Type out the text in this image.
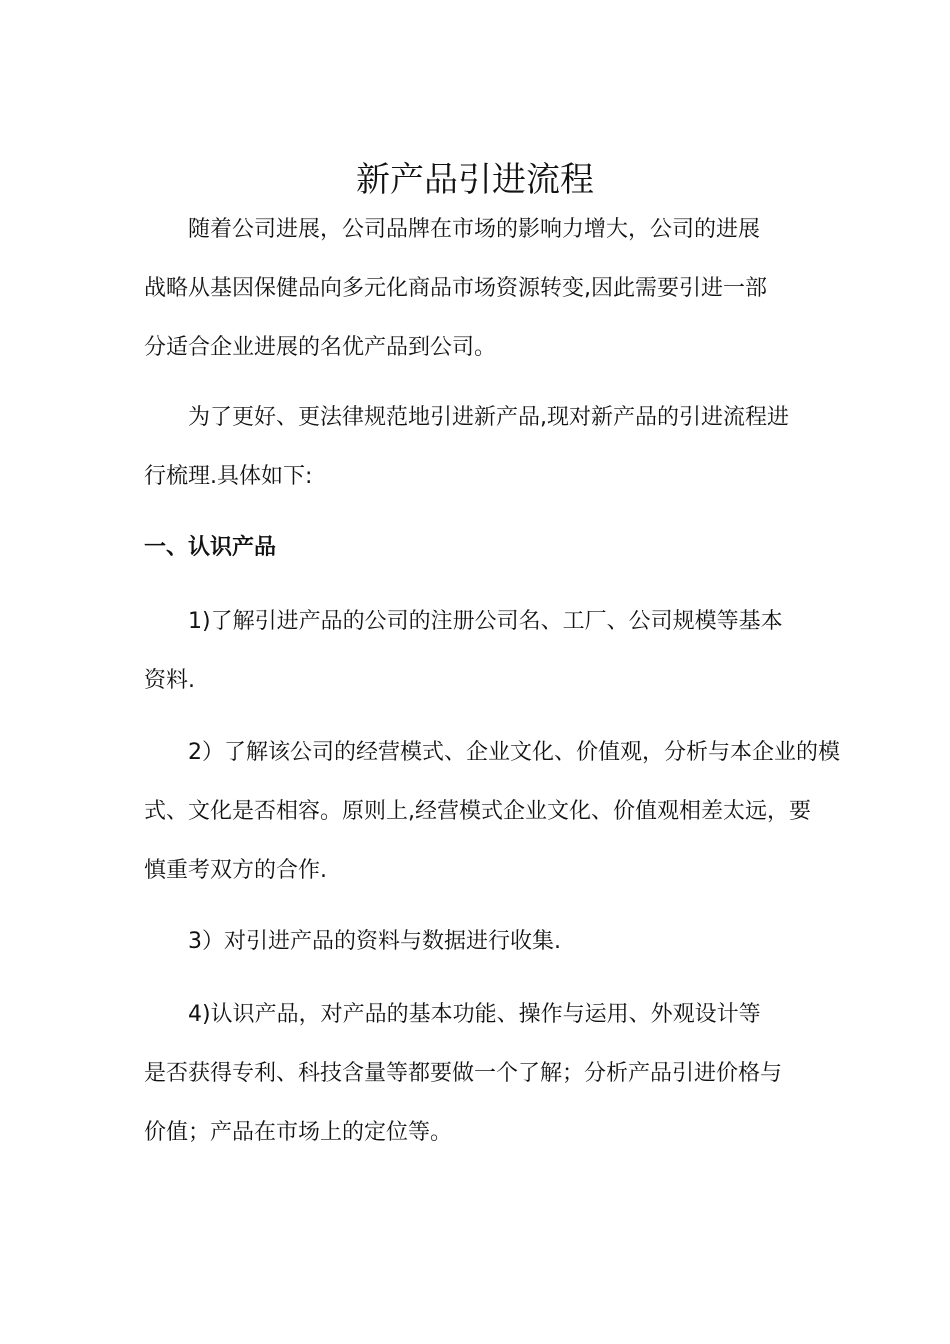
新产品引进流程

随着公司进展，公司品牌在市场的影响力增大，公司的进展
战略从基因保健品向多元化商品市场资源转变,因此需要引进一部
分适合企业进展的名优产品到公司。

为了更好、更法律规范地引进新产品,现对新产品的引进流程进
行梳理.具体如下:

一、认识产品

1)了解引进产品的公司的注册公司名、工厂、公司规模等基本
资料.

2）了解该公司的经营模式、企业文化、价值观，分析与本企业的模
式、文化是否相容。原则上,经营模式企业文化、价值观相差太远，要
慎重考双方的合作.

3）对引进产品的资料与数据进行收集.

4)认识产品，对产品的基本功能、操作与运用、外观设计等
是否获得专利、科技含量等都要做一个了解；分析产品引进价格与
价值；产品在市场上的定位等。
